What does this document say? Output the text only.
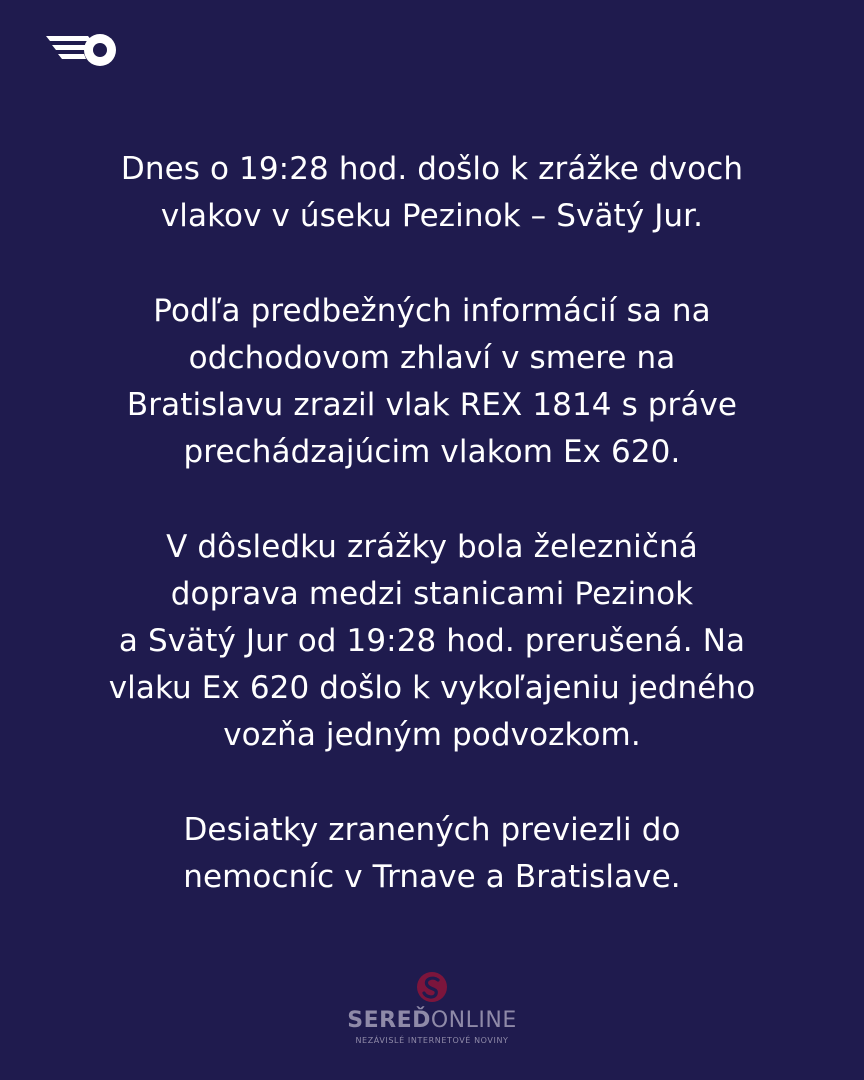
Dnes o 19:28 hod. došlo k zrážke dvoch
vlakov v úseku Pezinok – Svätý Jur.

Podľa predbežných informácií sa na
odchodovom zhlaví v smere na
Bratislavu zrazil vlak REX 1814 s práve
prechádzajúcim vlakom Ex 620.

V dôsledku zrážky bola železničná
doprava medzi stanicami Pezinok
a Svätý Jur od 19:28 hod. prerušená. Na
vlaku Ex 620 došlo k vykoľajeniu jedného
vozňa jedným podvozkom.

Desiatky zranených previezli do
nemocníc v Trnave a Bratislave.

SEREĎONLINE
NEZÁVISLÉ INTERNETOVÉ NOVINY
